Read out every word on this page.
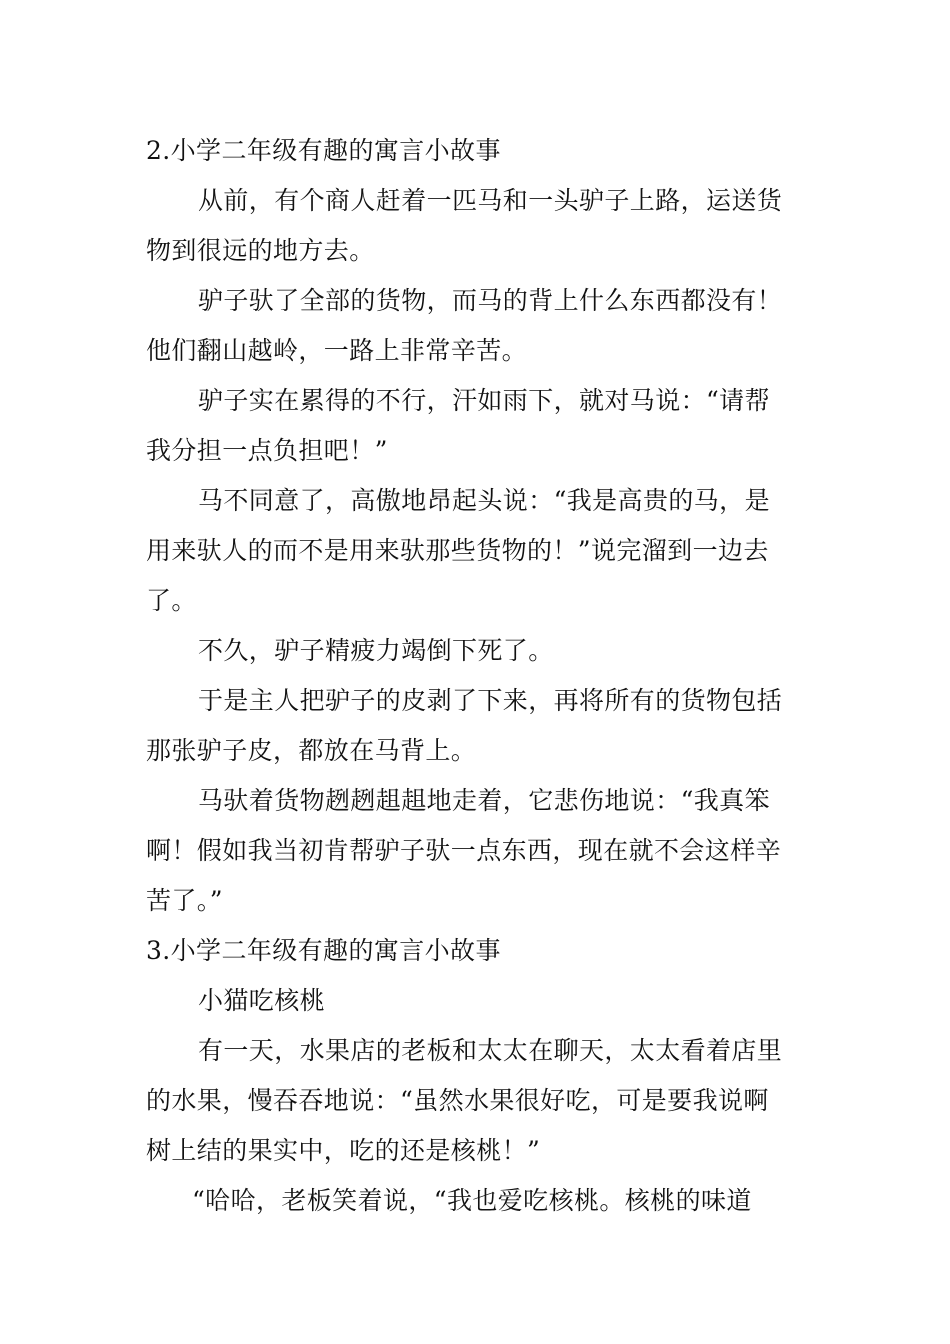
2.小学二年级有趣的寓言小故事
从前，有个商人赶着一匹马和一头驴子上路，运送货
物到很远的地方去。
驴子驮了全部的货物，而马的背上什么东西都没有！
他们翻山越岭，一路上非常辛苦。
驴子实在累得的不行，汗如雨下，就对马说：“请帮
我分担一点负担吧！”
马不同意了，高傲地昂起头说：“我是高贵的马，是
用来驮人的而不是用来驮那些货物的！”说完溜到一边去
了。
不久，驴子精疲力竭倒下死了。
于是主人把驴子的皮剥了下来，再将所有的货物包括
那张驴子皮，都放在马背上。
马驮着货物趔趔趄趄地走着，它悲伤地说：“我真笨
啊！假如我当初肯帮驴子驮一点东西，现在就不会这样辛
苦了。”
3.小学二年级有趣的寓言小故事
小猫吃核桃
有一天，水果店的老板和太太在聊天，太太看着店里
的水果，慢吞吞地说：“虽然水果很好吃，可是要我说啊
树上结的果实中，吃的还是核桃！”
“哈哈，老板笑着说，“我也爱吃核桃。核桃的味道
